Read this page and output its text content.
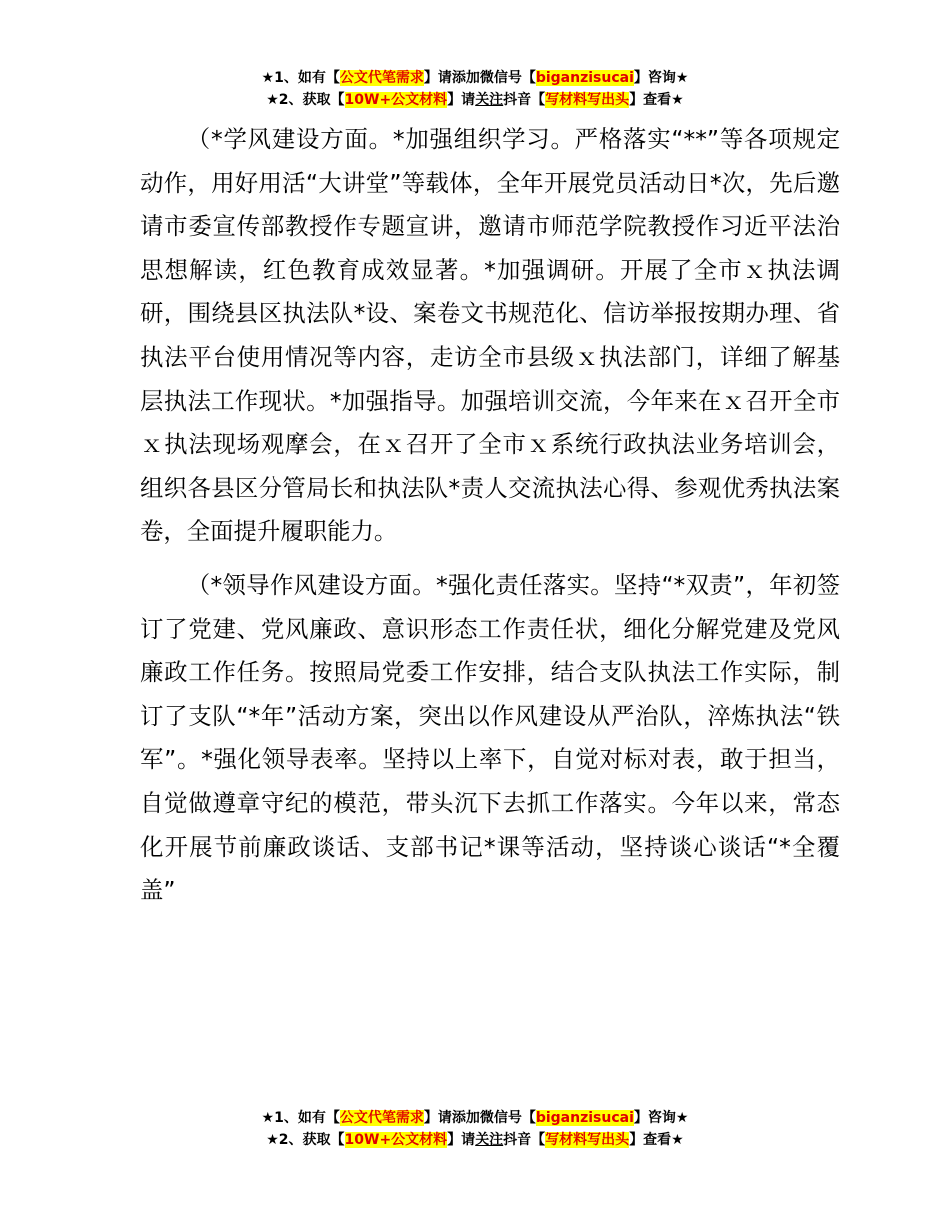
★1、如有【公文代笔需求】请添加微信号【biganzisucai】咨询★
★2、获取【10W+公文材料】请关注抖音【写材料写出头】查看★

（*学风建设方面。*加强组织学习。严格落实“**”等各项规定动作，用好用活“大讲堂”等载体，全年开展党员活动日*次，先后邀请市委宣传部教授作专题宣讲，邀请市师范学院教授作习近平法治思想解读，红色教育成效显著。*加强调研。开展了全市ｘ执法调研，围绕县区执法队*设、案卷文书规范化、信访举报按期办理、省执法平台使用情况等内容，走访全市县级ｘ执法部门，详细了解基层执法工作现状。*加强指导。加强培训交流，今年来在ｘ召开全市ｘ执法现场观摩会，在ｘ召开了全市ｘ系统行政执法业务培训会，组织各县区分管局长和执法队*责人交流执法心得、参观优秀执法案卷，全面提升履职能力。

（*领导作风建设方面。*强化责任落实。坚持“*双责”，年初签订了党建、党风廉政、意识形态工作责任状，细化分解党建及党风廉政工作任务。按照局党委工作安排，结合支队执法工作实际，制订了支队“*年”活动方案，突出以作风建设从严治队，淬炼执法“铁军”。*强化领导表率。坚持以上率下，自觉对标对表，敢于担当，自觉做遵章守纪的模范，带头沉下去抓工作落实。今年以来，常态化开展节前廉政谈话、支部书记*课等活动，坚持谈心谈话“*全覆盖”

★1、如有【公文代笔需求】请添加微信号【biganzisucai】咨询★
★2、获取【10W+公文材料】请关注抖音【写材料写出头】查看★
